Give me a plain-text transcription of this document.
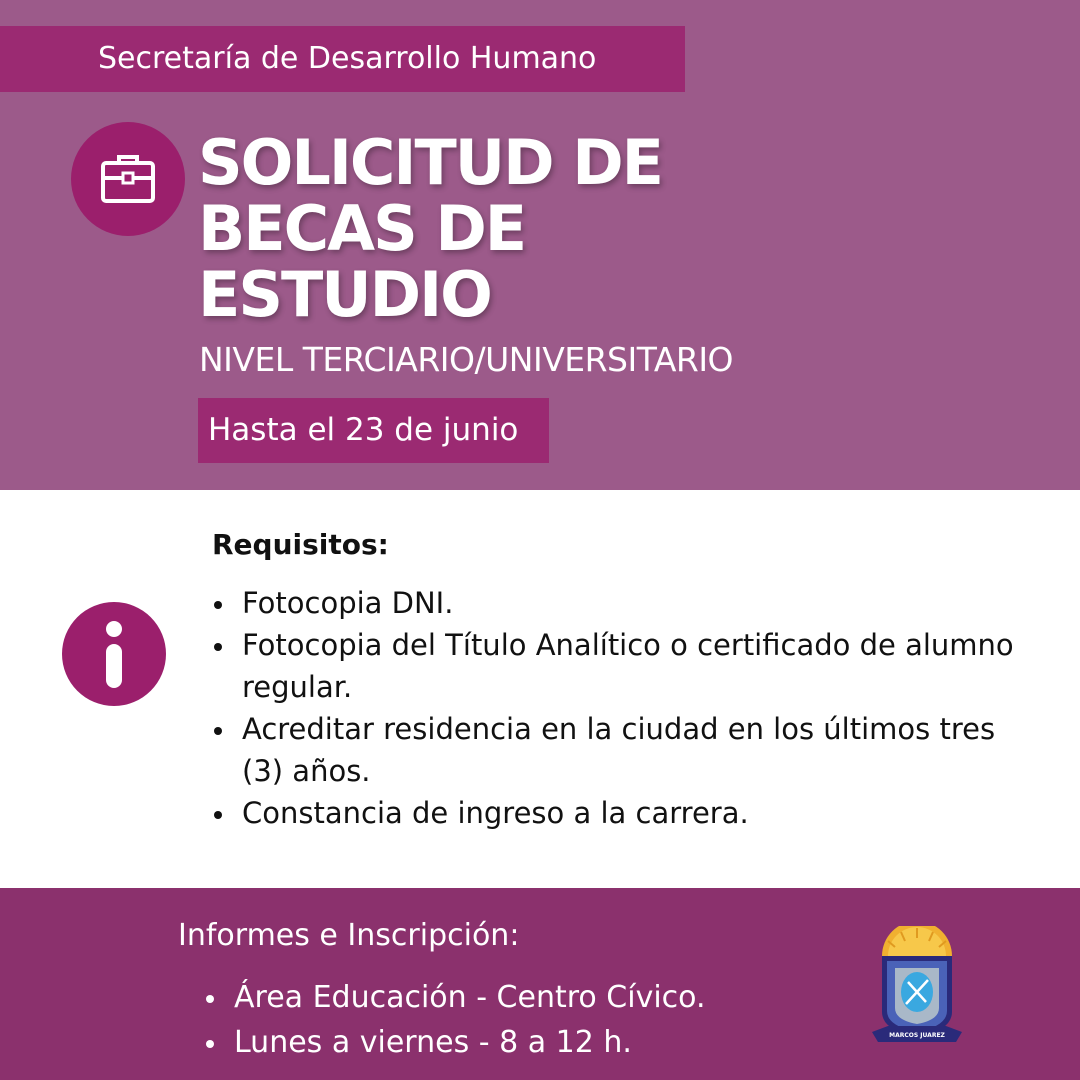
Secretaría de Desarrollo Humano
SOLICITUD DE
BECAS DE
ESTUDIO
NIVEL TERCIARIO/UNIVERSITARIO
Hasta el 23 de junio
Requisitos:
Fotocopia DNI.
Fotocopia del Título Analítico o certificado de alumno regular.
Acreditar residencia en la ciudad en los últimos tres (3) años.
Constancia de ingreso a la carrera.
Informes e Inscripción:
Área Educación - Centro Cívico.
Lunes a viernes - 8 a 12 h.	MARCOS JUAREZ
